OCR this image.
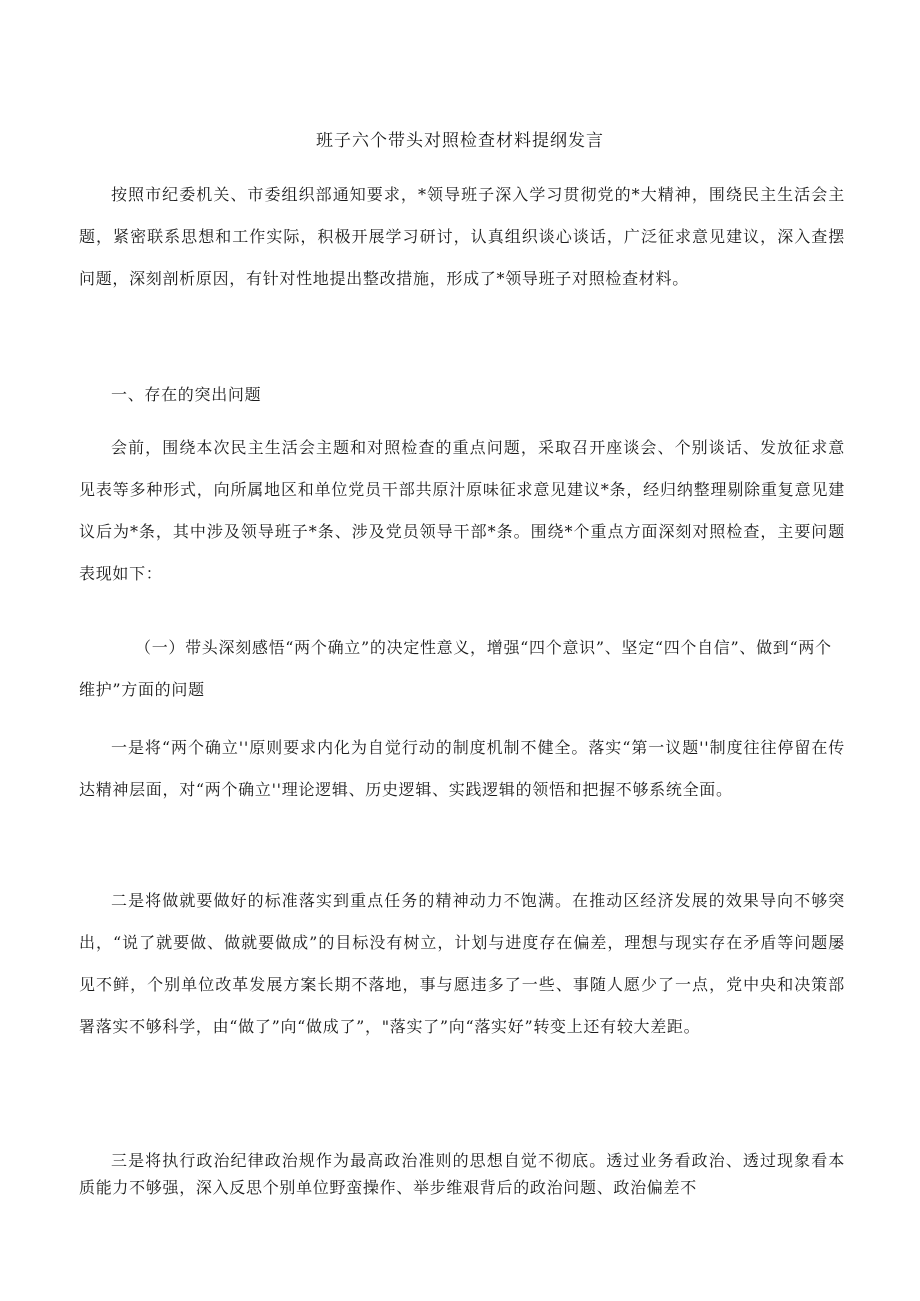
班子六个带头对照检查材料提纲发言

按照市纪委机关、市委组织部通知要求，*领导班子深入学习贯彻党的*大精神，围绕民主生活会主题，紧密联系思想和工作实际，积极开展学习研讨，认真组织谈心谈话，广泛征求意见建议，深入查摆问题，深刻剖析原因，有针对性地提出整改措施，形成了*领导班子对照检查材料。

一、存在的突出问题

会前，围绕本次民主生活会主题和对照检查的重点问题，采取召开座谈会、个别谈话、发放征求意见表等多种形式，向所属地区和单位党员干部共原汁原味征求意见建议*条，经归纳整理剔除重复意见建议后为*条，其中涉及领导班子*条、涉及党员领导干部*条。围绕*个重点方面深刻对照检查，主要问题表现如下：

（一）带头深刻感悟“两个确立”的决定性意义，增强“四个意识”、坚定“四个自信”、做到“两个维护”方面的问题

一是将“两个确立''原则要求内化为自觉行动的制度机制不健全。落实“第一议题''制度往往停留在传达精神层面，对“两个确立''理论逻辑、历史逻辑、实践逻辑的领悟和把握不够系统全面。

二是将做就要做好的标准落实到重点任务的精神动力不饱满。在推动区经济发展的效果导向不够突出，“说了就要做、做就要做成”的目标没有树立，计划与进度存在偏差，理想与现实存在矛盾等问题屡见不鲜，个别单位改革发展方案长期不落地，事与愿违多了一些、事随人愿少了一点，党中央和决策部署落实不够科学，由“做了”向“做成了”，"落实了”向“落实好”转变上还有较大差距。

三是将执行政治纪律政治规作为最高政治准则的思想自觉不彻底。透过业务看政治、透过现象看本质能力不够强，深入反思个别单位野蛮操作、举步维艰背后的政治问题、政治偏差不
